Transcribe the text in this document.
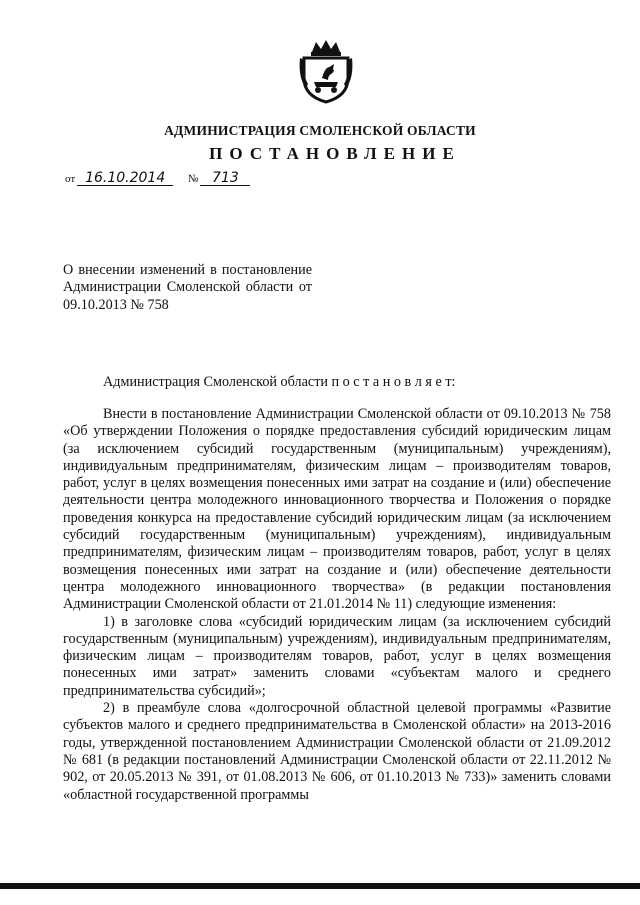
АДМИНИСТРАЦИЯ СМОЛЕНСКОЙ ОБЛАСТИ
ПОСТАНОВЛЕНИЕ
от 16.10.2014 № 713
О внесении изменений в постановление Администрации Смоленской области от 09.10.2013 № 758
Администрация Смоленской области п о с т а н о в л я е т:

Внести в постановление Администрации Смоленской области от 09.10.2013 № 758 «Об утверждении Положения о порядке предоставления субсидий юридическим лицам (за исключением субсидий государственным (муниципальным) учреждениям), индивидуальным предпринимателям, физическим лицам – производителям товаров, работ, услуг в целях возмещения понесенных ими затрат на создание и (или) обеспечение деятельности центра молодежного инновационного творчества и Положения о порядке проведения конкурса на предоставление субсидий юридическим лицам (за исключением субсидий государственным (муниципальным) учреждениям), индивидуальным предпринимателям, физическим лицам – производителям товаров, работ, услуг в целях возмещения понесенных ими затрат на создание и (или) обеспечение деятельности центра молодежного инновационного творчества» (в редакции постановления Администрации Смоленской области от 21.01.2014 № 11) следующие изменения:

1) в заголовке слова «субсидий юридическим лицам (за исключением субсидий государственным (муниципальным) учреждениям), индивидуальным предпринимателям, физическим лицам – производителям товаров, работ, услуг в целях возмещения понесенных ими затрат» заменить словами «субъектам малого и среднего предпринимательства субсидий»;

2) в преамбуле слова «долгосрочной областной целевой программы «Развитие субъектов малого и среднего предпринимательства в Смоленской области» на 2013-2016 годы, утвержденной постановлением Администрации Смоленской области от 21.09.2012 № 681 (в редакции постановлений Администрации Смоленской области от 22.11.2012 № 902, от 20.05.2013 № 391, от 01.08.2013 № 606, от 01.10.2013 № 733)» заменить словами «областной государственной программы
